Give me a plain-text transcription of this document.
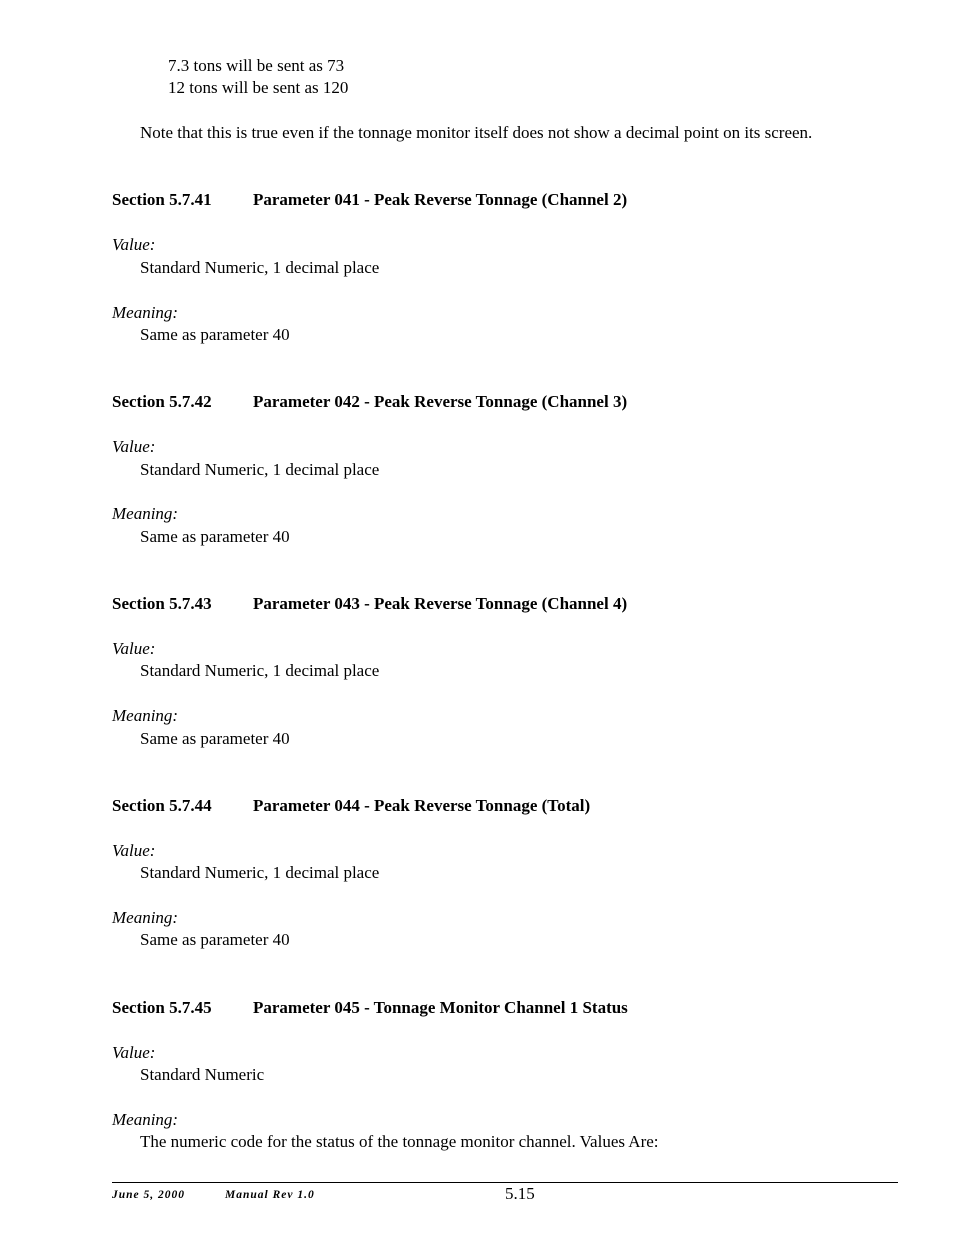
7.3 tons will be sent as 73
12 tons will be sent as 120
Note that this is true even if the tonnage monitor itself does not show a decimal point on its screen.
Section 5.7.41 Parameter 041 - Peak Reverse Tonnage (Channel 2)
Value:
Standard Numeric, 1 decimal place
Meaning:
Same as parameter 40
Section 5.7.42 Parameter 042 - Peak Reverse Tonnage (Channel 3)
Value:
Standard Numeric, 1 decimal place
Meaning:
Same as parameter 40
Section 5.7.43 Parameter 043 - Peak Reverse Tonnage (Channel 4)
Value:
Standard Numeric, 1 decimal place
Meaning:
Same as parameter 40
Section 5.7.44 Parameter 044 - Peak Reverse Tonnage (Total)
Value:
Standard Numeric, 1 decimal place
Meaning:
Same as parameter 40
Section 5.7.45 Parameter 045 - Tonnage Monitor Channel 1 Status
Value:
Standard Numeric
Meaning:
The numeric code for the status of the tonnage monitor channel. Values Are:
June 5, 2000	Manual Rev 1.0	5.15
